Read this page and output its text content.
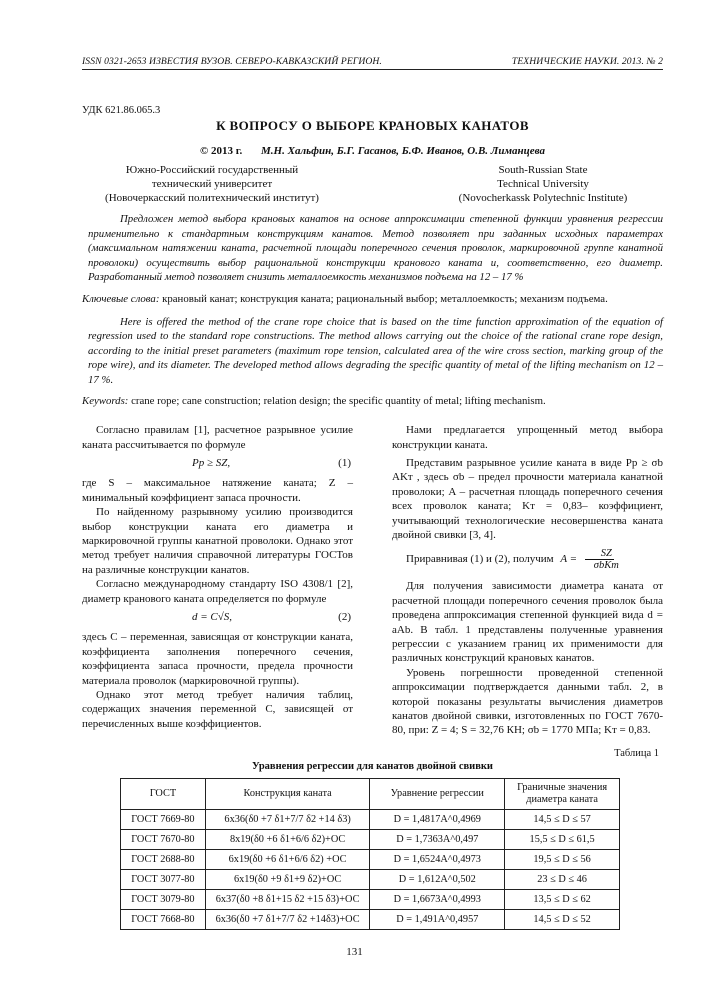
ISSN 0321-2653 ИЗВЕСТИЯ ВУЗОВ. СЕВЕРО-КАВКАЗСКИЙ РЕГИОН.	ТЕХНИЧЕСКИЕ НАУКИ. 2013. № 2
УДК 621.86.065.3
К ВОПРОСУ О ВЫБОРЕ КРАНОВЫХ КАНАТОВ
© 2013 г. М.Н. Хальфин, Б.Г. Гасанов, Б.Ф. Иванов, О.В. Лиманцева
Южно-Российский государственный
технический университет
(Новочеркасский политехнический институт)
South-Russian State
Technical University
(Novocherkassk Polytechnic Institute)
Предложен метод выбора крановых канатов на основе аппроксимации степенной функции уравнения регрессии применительно к стандартным конструкциям канатов. Метод позволяет при заданных исходных параметрах (максимальном натяжении каната, расчетной площади поперечного сечения проволок, маркировочной группе канатной проволоки) осуществить выбор рациональной конструкции кранового каната и, соответственно, его диаметр. Разработанный метод позволяет снизить металлоемкость механизмов подъема на 12 – 17 %
Ключевые слова: крановый канат; конструкция каната; рациональный выбор; металлоемкость; механизм подъема.
Here is offered the method of the crane rope choice that is based on the time function approximation of the equation of regression used to the standard rope constructions. The method allows carrying out the choice of the rational crane rope design, according to the initial preset parameters (maximum rope tension, calculated area of the wire cross section, marking group of the rope wire), and its diameter. The developed method allows degrading the specific quantity of metal of the lifting mechanism on 12 – 17 %.
Keywords: crane rope; cane construction; relation design; the specific quantity of metal; lifting mechanism.

Согласно правилам [1], расчетное разрывное усилие каната рассчитывается по формуле

Pр ≥ SZ,	(1)

где S – максимальное натяжение каната; Z – минимальный коэффициент запаса прочности.

По найденному разрывному усилию производится выбор конструкции каната его диаметра и маркировочной группы канатной проволоки. Однако этот метод требует наличия справочной литературы ГОСТов на различные конструкции канатов.

Согласно международному стандарту ISO 4308/1 [2], диаметр кранового каната определяется по формуле

d = C√S,	(2)

здесь C – переменная, зависящая от конструкции каната, коэффициента заполнения поперечного сечения, коэффициента запаса прочности, предела прочности материала проволок (маркировочной группы).

Однако этот метод требует наличия таблиц, содержащих значения переменной C, зависящей от перечисленных выше коэффициентов.

Нами предлагается упрощенный метод выбора конструкции каната.

Представим разрывное усилие каната в виде Pр ≥ σb AKт , здесь σb – предел прочности материала канатной проволоки; A – расчетная площадь поперечного сечения всех проволок каната; Kт = 0,83– коэффициент, учитывающий технологические несовершенства каната двойной свивки [3, 4].

Приравнивая (1) и (2), получим $A = \frac{SZ}{\text{σbKт}}$

Для получения зависимости диаметра каната от расчетной площади поперечного сечения проволок была проведена аппроксимация степенной функцией вида d = aAb. В табл. 1 представлены полученные уравнения регрессии с указанием границ их применимости для различных конструкций крановых канатов.

Уровень погрешности проведенной степенной аппроксимации подтверждается данными табл. 2, в которой показаны результаты вычисления диаметров канатов двойной свивки, изготовленных по ГОСТ 7670-80, при: Z = 4; S = 32,76 КН; σb = 1770 МПа; Kт = 0,83.

Таблица 1
Уравнения регрессии для канатов двойной свивки
ГОСТ	Конструкция каната	Уравнение регрессии	Граничные значения диаметра каната
ГОСТ 7669-80	6х36(δ0 +7 δ1+7/7 δ2 +14 δ3)	D = 1,4817A^0,4969	14,5 ≤ D ≤ 57
ГОСТ 7670-80	8х19(δ0 +6 δ1+6/6 δ2)+ОС	D = 1,7363A^0,497	15,5 ≤ D ≤ 61,5
ГОСТ 2688-80	6х19(δ0 +6 δ1+6/6 δ2) +ОС	D = 1,6524A^0,4973	19,5 ≤ D ≤ 56
ГОСТ 3077-80	6х19(δ0 +9 δ1+9 δ2)+ОС	D = 1,612A^0,502	23 ≤ D ≤ 46
ГОСТ 3079-80	6х37(δ0 +8 δ1+15 δ2 +15 δ3)+ОС	D = 1,6673A^0,4993	13,5 ≤ D ≤ 62
ГОСТ 7668-80	6х36(δ0 +7 δ1+7/7 δ2 +14δ3)+ОС	D = 1,491A^0,4957	14,5 ≤ D ≤ 52
131
